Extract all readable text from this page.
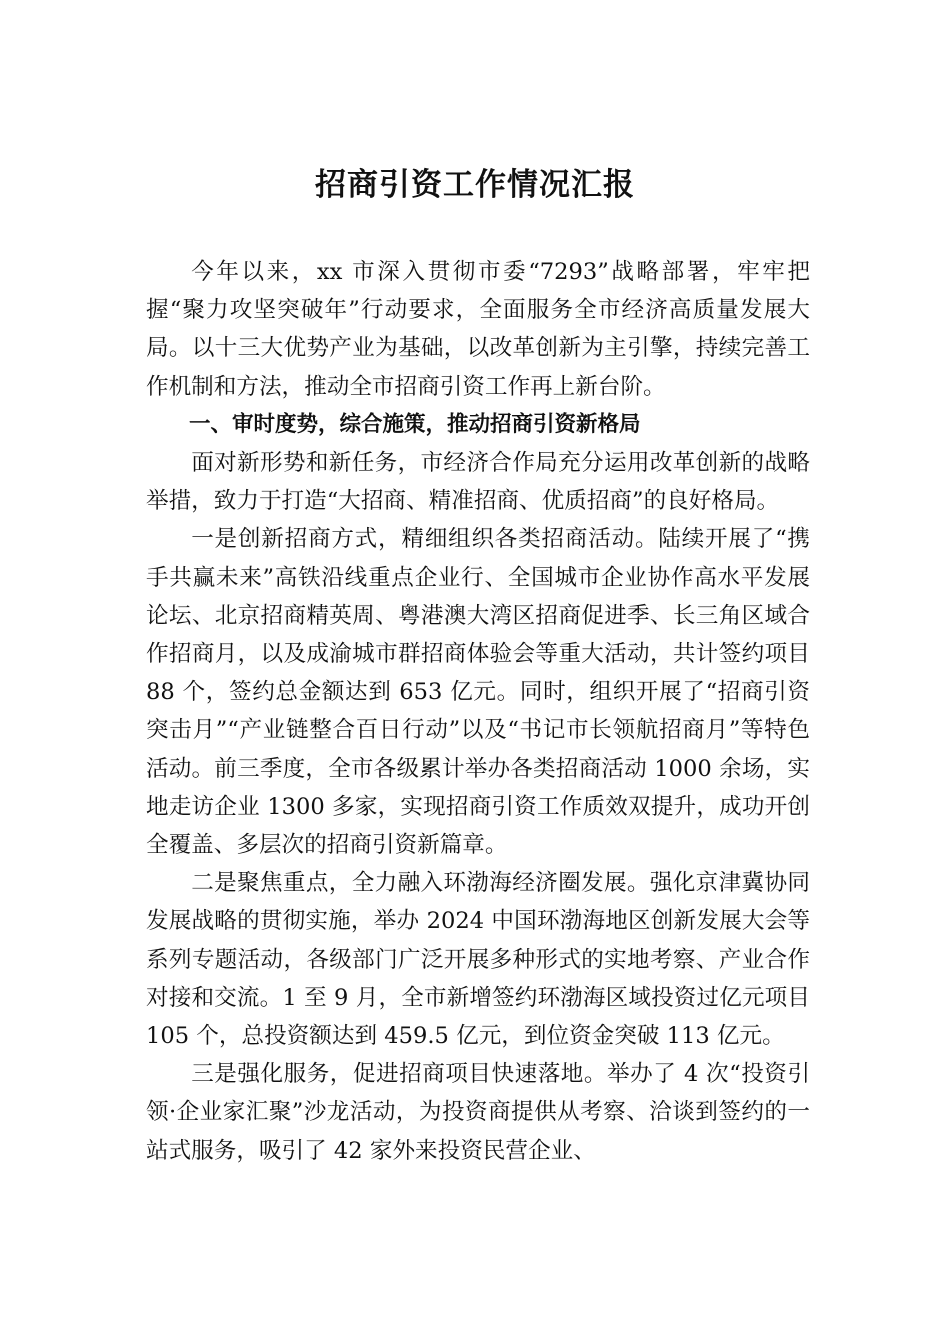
招商引资工作情况汇报

今年以来，xx 市深入贯彻市委“7293”战略部署，牢牢把握“聚力攻坚突破年”行动要求，全面服务全市经济高质量发展大局。以十三大优势产业为基础，以改革创新为主引擎，持续完善工作机制和方法，推动全市招商引资工作再上新台阶。

一、审时度势，综合施策，推动招商引资新格局

面对新形势和新任务，市经济合作局充分运用改革创新的战略举措，致力于打造“大招商、精准招商、优质招商”的良好格局。

一是创新招商方式，精细组织各类招商活动。陆续开展了“携手共赢未来”高铁沿线重点企业行、全国城市企业协作高水平发展论坛、北京招商精英周、粤港澳大湾区招商促进季、长三角区域合作招商月，以及成渝城市群招商体验会等重大活动，共计签约项目 88 个，签约总金额达到 653 亿元。同时，组织开展了“招商引资突击月”“产业链整合百日行动”以及“书记市长领航招商月”等特色活动。前三季度，全市各级累计举办各类招商活动 1000 余场，实地走访企业 1300 多家，实现招商引资工作质效双提升，成功开创全覆盖、多层次的招商引资新篇章。

二是聚焦重点，全力融入环渤海经济圈发展。强化京津冀协同发展战略的贯彻实施，举办 2024 中国环渤海地区创新发展大会等系列专题活动，各级部门广泛开展多种形式的实地考察、产业合作对接和交流。1 至 9 月，全市新增签约环渤海区域投资过亿元项目 105 个，总投资额达到 459.5 亿元，到位资金突破 113 亿元。

三是强化服务，促进招商项目快速落地。举办了 4 次“投资引领·企业家汇聚”沙龙活动，为投资商提供从考察、洽谈到签约的一站式服务，吸引了 42 家外来投资民营企业、
